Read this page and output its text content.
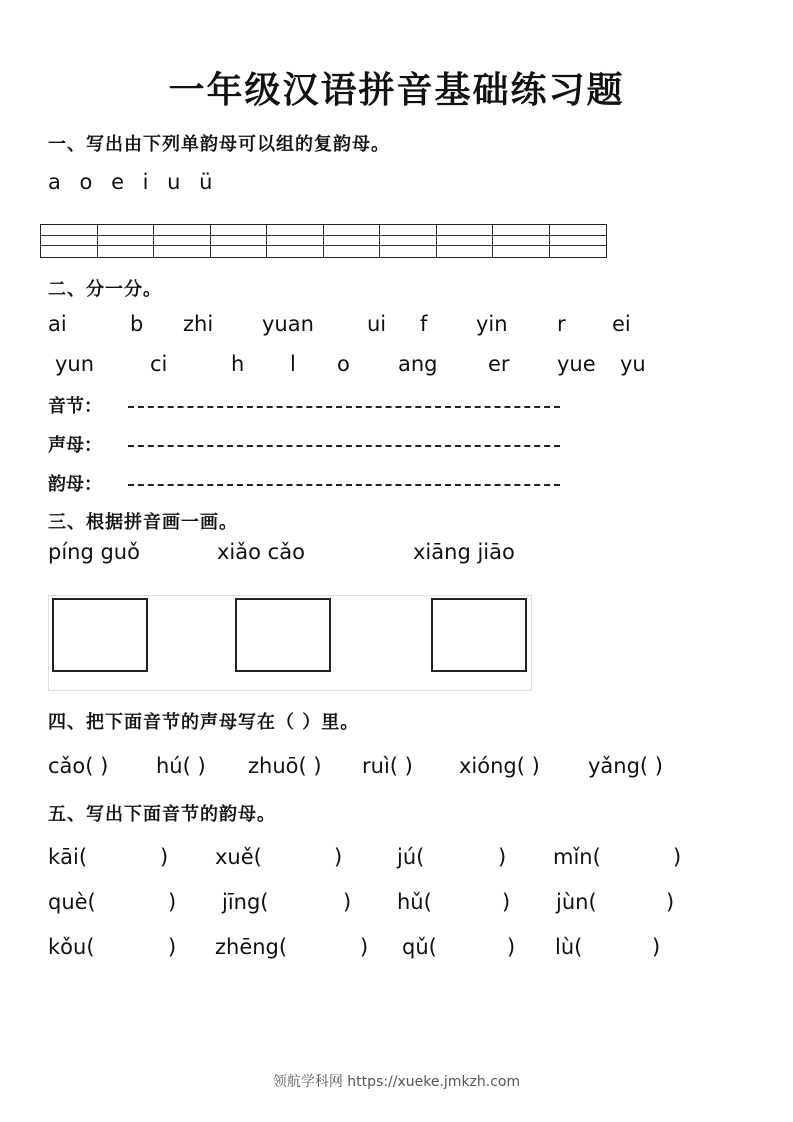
一年级汉语拼音基础练习题
一、写出由下列单韵母可以组的复韵母。
a o e i u ü
二、分一分。
ai	b zhi yuan	ui f yin r ei
yun	ci	h l o ang er yue yu
音节：
声母：
韵母：
三、根据拼音画一画。
píng guǒ	xiǎo cǎo	xiāng jiāo
四、把下面音节的声母写在（ ）里。
cǎo( ) hú( ) zhuō( ) ruì( ) xióng( ) yǎng( )
五、写出下面音节的韵母。
kāi(	) xuě(	)	jú(	) mǐn(	)
què(	) jīng(	) hǔ(	) jùn(	)
kǒu(	) zhēng(	) qǔ(	) lù(	)
领航学科网 https://xueke.jmkzh.com
